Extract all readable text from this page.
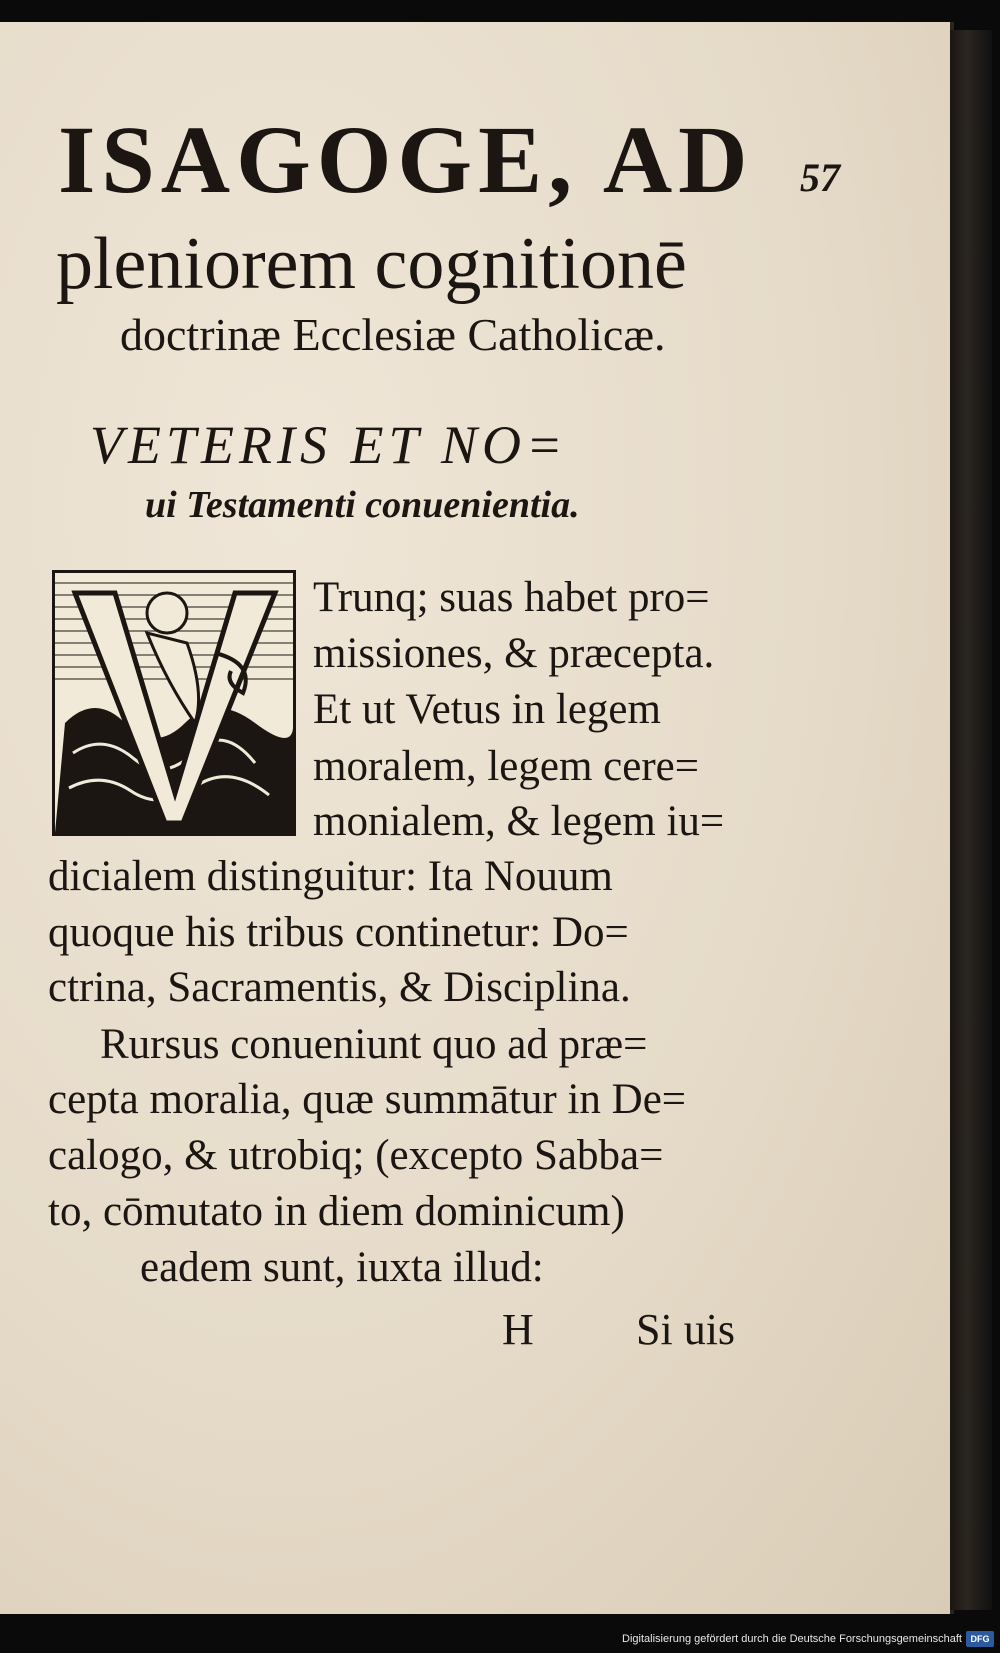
ISAGOGE, AD	57
pleniorem cognitionē
doctrinæ Ecclesiæ Catholicæ.
VETERIS ET NO=
ui Testamenti conuenientia.
Trunq; suas habet pro=
missiones, & præcepta.
Et ut Vetus in legem
moralem, legem cere=
monialem, & legem iu=
dicialem distinguitur: Ita Nouum
quoque his tribus continetur: Do=
ctrina, Sacramentis, & Disciplina.
Rursus conueniunt quo ad præ=
cepta moralia, quæ summātur in De=
calogo, & utrobiq; (excepto Sabba=
to, cōmutato in diem dominicum)
eadem sunt, iuxta illud:
H Si uis
Digitalisierung gefördert durch die Deutsche Forschungsgemeinschaft DFG
